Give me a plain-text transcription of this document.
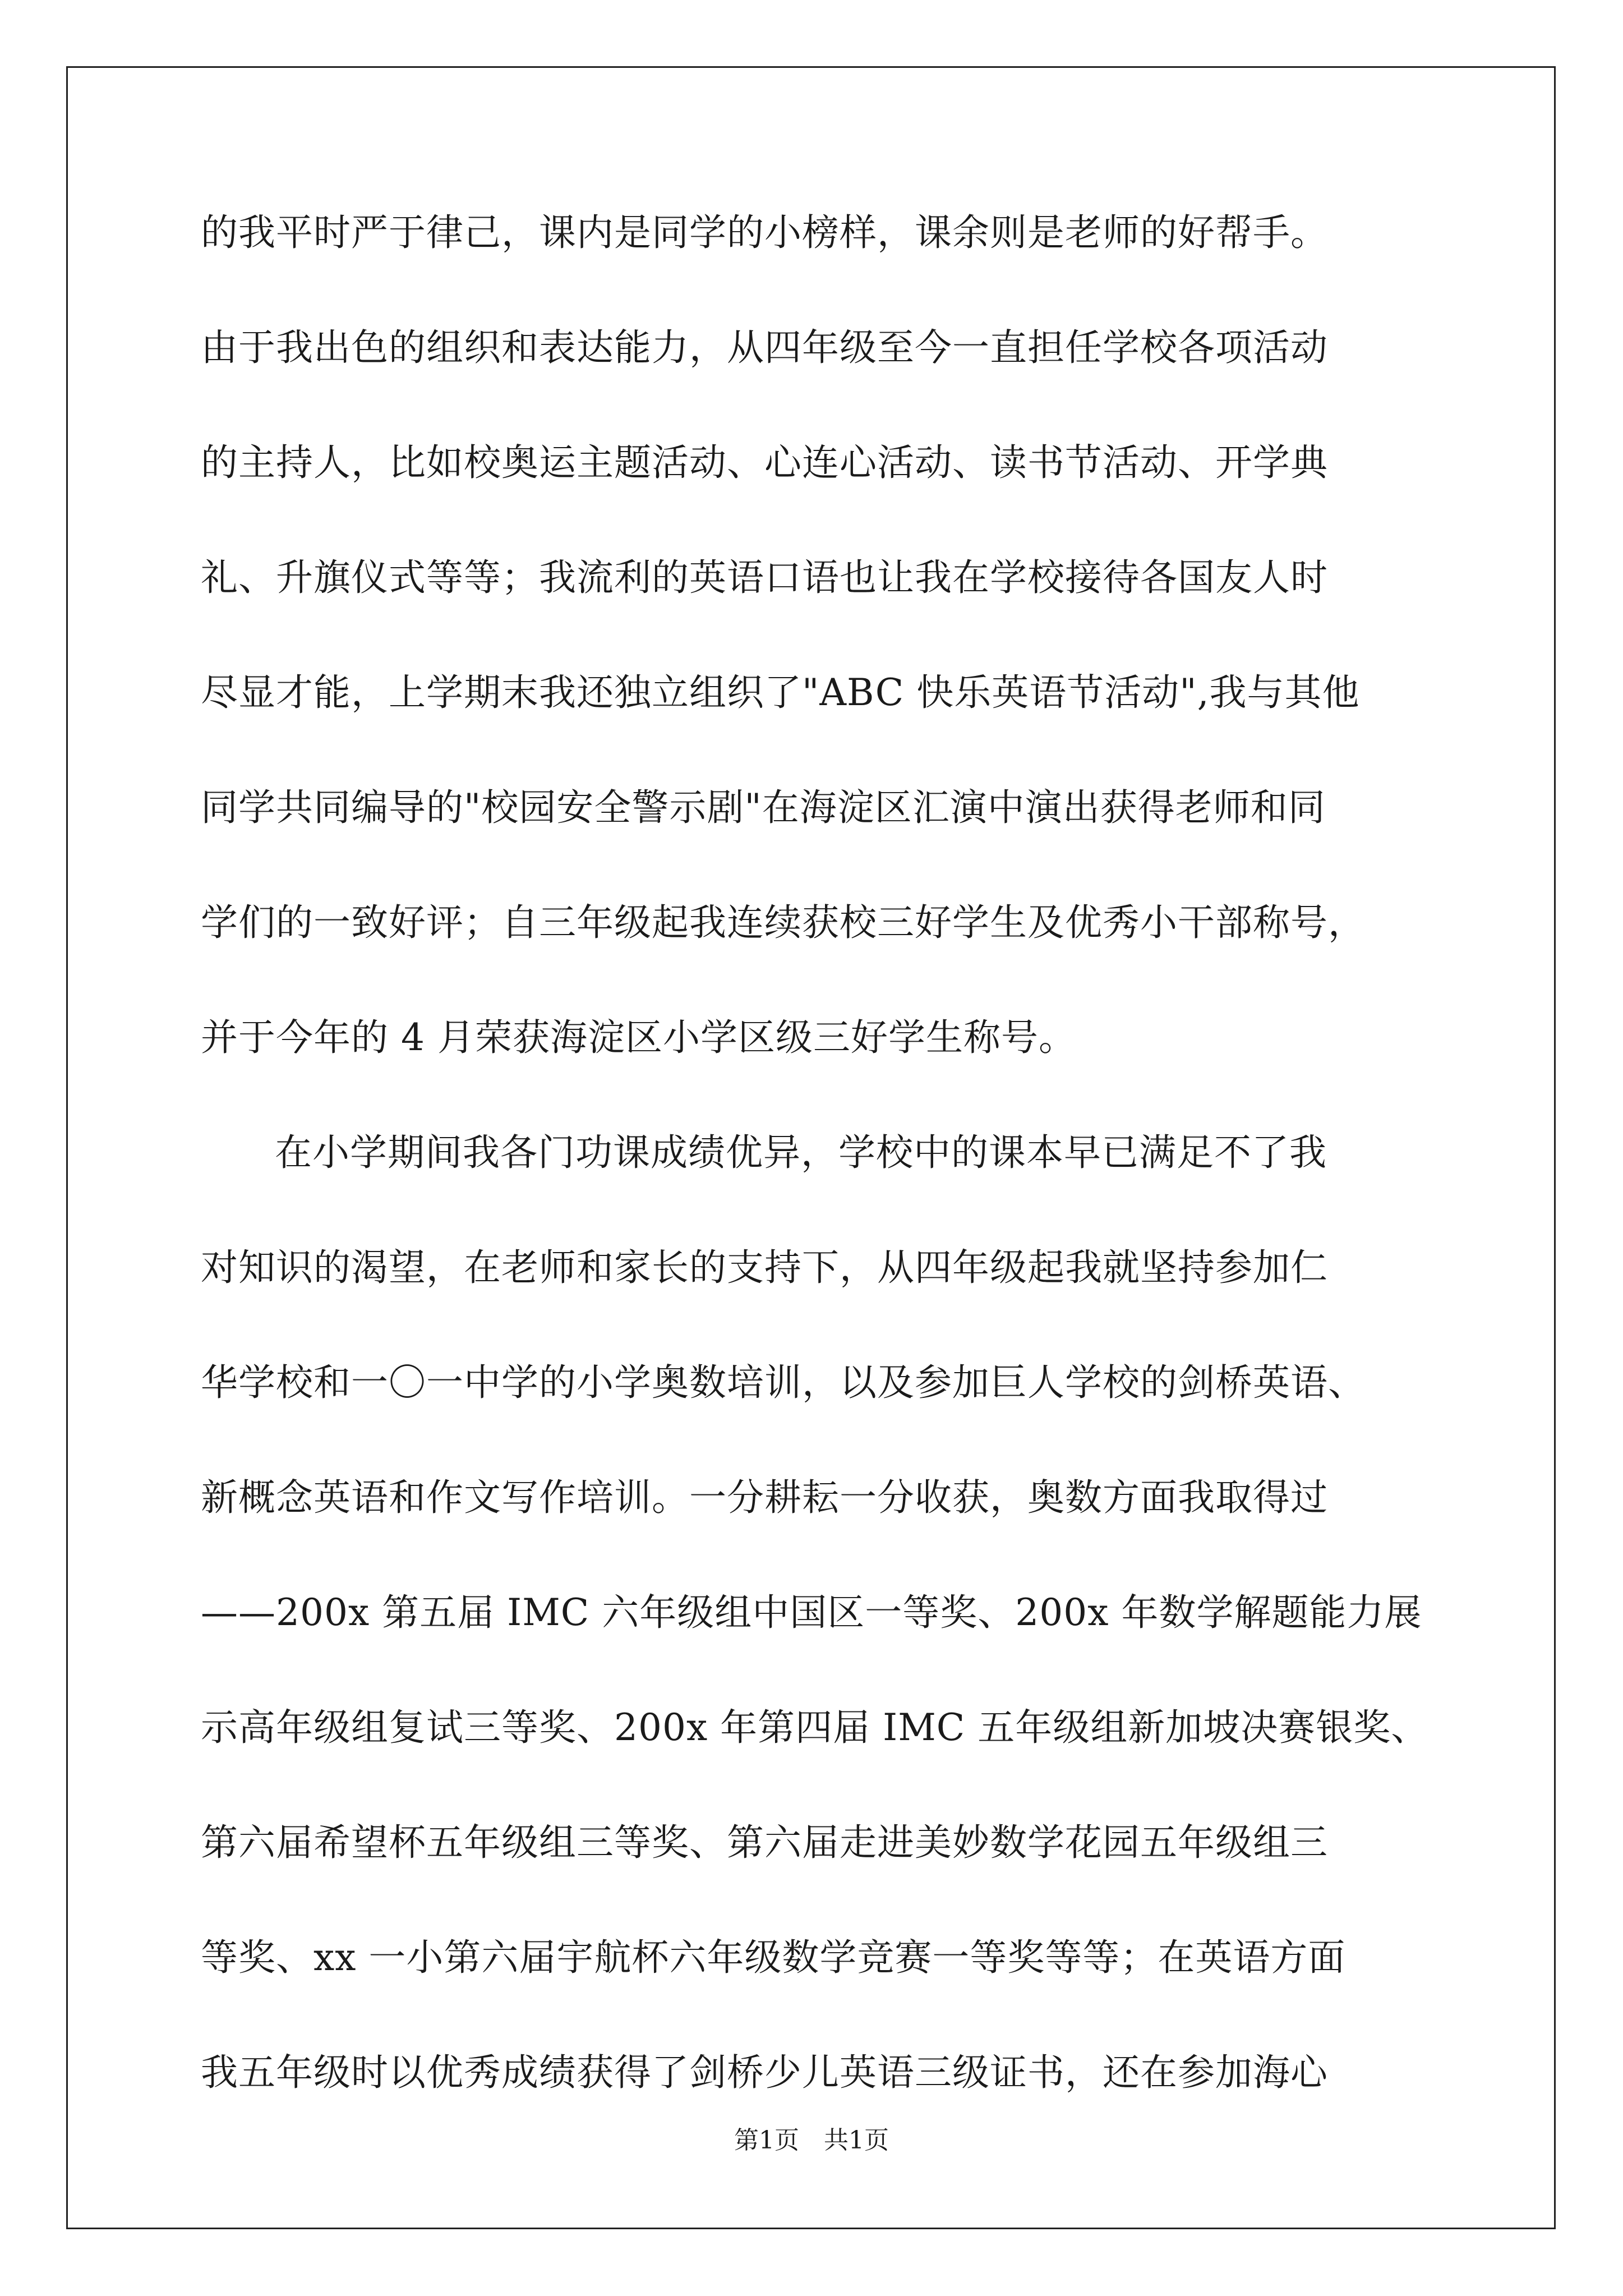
的我平时严于律己，课内是同学的小榜样，课余则是老师的好帮手。
由于我出色的组织和表达能力，从四年级至今一直担任学校各项活动
的主持人，比如校奥运主题活动、心连心活动、读书节活动、开学典
礼、升旗仪式等等；我流利的英语口语也让我在学校接待各国友人时
尽显才能，上学期末我还独立组织了"ABC 快乐英语节活动",我与其他
同学共同编导的"校园安全警示剧"在海淀区汇演中演出获得老师和同
学们的一致好评；自三年级起我连续获校三好学生及优秀小干部称号，
并于今年的 4 月荣获海淀区小学区级三好学生称号。
在小学期间我各门功课成绩优异，学校中的课本早已满足不了我
对知识的渴望，在老师和家长的支持下，从四年级起我就坚持参加仁
华学校和一〇一中学的小学奥数培训，以及参加巨人学校的剑桥英语、
新概念英语和作文写作培训。一分耕耘一分收获，奥数方面我取得过
——200x 第五届 IMC 六年级组中国区一等奖、200x 年数学解题能力展
示高年级组复试三等奖、200x 年第四届 IMC 五年级组新加坡决赛银奖、
第六届希望杯五年级组三等奖、第六届走进美妙数学花园五年级组三
等奖、xx 一小第六届宇航杯六年级数学竞赛一等奖等等；在英语方面
我五年级时以优秀成绩获得了剑桥少儿英语三级证书，还在参加海心
第1页　共1页
